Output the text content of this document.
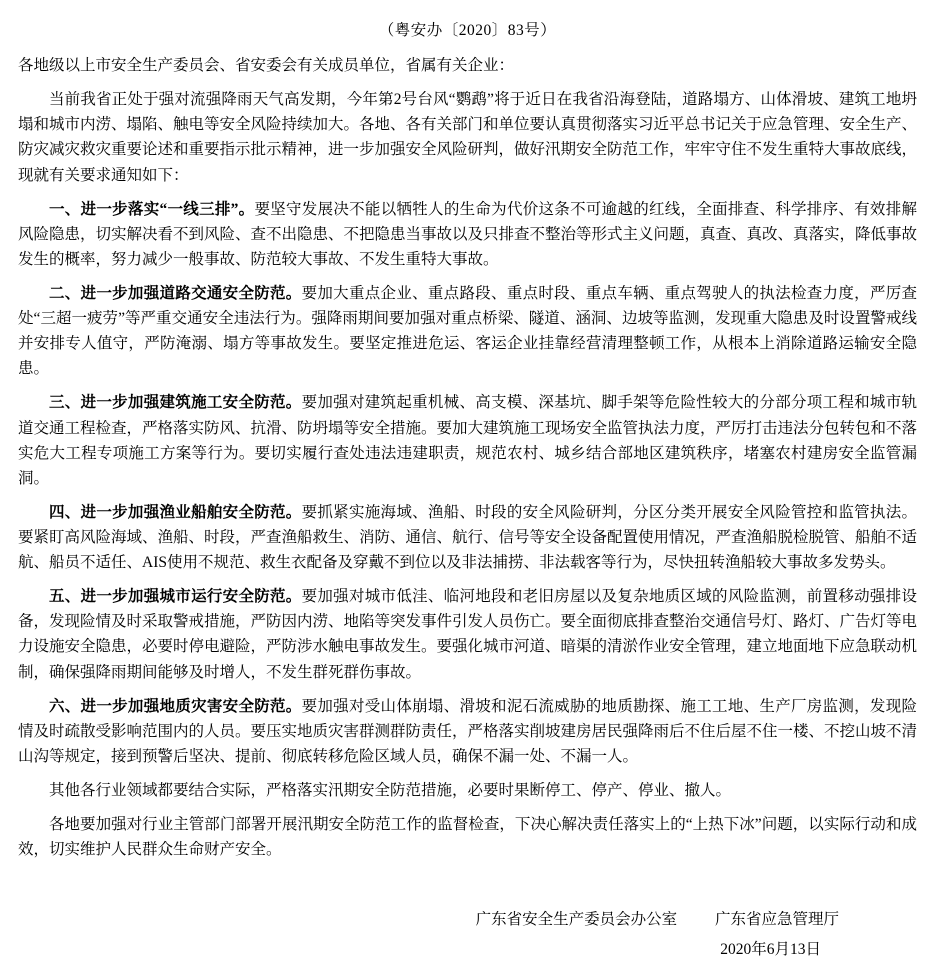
（粤安办〔2020〕83号）
各地级以上市安全生产委员会、省安委会有关成员单位，省属有关企业：

当前我省正处于强对流强降雨天气高发期，今年第2号台风“鹦鹉”将于近日在我省沿海登陆，道路塌方、山体滑坡、建筑工地坍塌和城市内涝、塌陷、触电等安全风险持续加大。各地、各有关部门和单位要认真贯彻落实习近平总书记关于应急管理、安全生产、防灾减灾救灾重要论述和重要指示批示精神，进一步加强安全风险研判，做好汛期安全防范工作，牢牢守住不发生重特大事故底线，现就有关要求通知如下：

一、进一步落实“一线三排”。要坚守发展决不能以牺牲人的生命为代价这条不可逾越的红线，全面排查、科学排序、有效排解风险隐患，切实解决看不到风险、查不出隐患、不把隐患当事故以及只排查不整治等形式主义问题，真查、真改、真落实，降低事故发生的概率，努力减少一般事故、防范较大事故、不发生重特大事故。

二、进一步加强道路交通安全防范。要加大重点企业、重点路段、重点时段、重点车辆、重点驾驶人的执法检查力度，严厉查处“三超一疲劳”等严重交通安全违法行为。强降雨期间要加强对重点桥梁、隧道、涵洞、边坡等监测，发现重大隐患及时设置警戒线并安排专人值守，严防淹溺、塌方等事故发生。要坚定推进危运、客运企业挂靠经营清理整顿工作，从根本上消除道路运输安全隐患。

三、进一步加强建筑施工安全防范。要加强对建筑起重机械、高支模、深基坑、脚手架等危险性较大的分部分项工程和城市轨道交通工程检查，严格落实防风、抗滑、防坍塌等安全措施。要加大建筑施工现场安全监管执法力度，严厉打击违法分包转包和不落实危大工程专项施工方案等行为。要切实履行查处违法违建职责，规范农村、城乡结合部地区建筑秩序，堵塞农村建房安全监管漏洞。

四、进一步加强渔业船舶安全防范。要抓紧实施海域、渔船、时段的安全风险研判，分区分类开展安全风险管控和监管执法。要紧盯高风险海域、渔船、时段，严查渔船救生、消防、通信、航行、信号等安全设备配置使用情况，严查渔船脱检脱管、船舶不适航、船员不适任、AIS使用不规范、救生衣配备及穿戴不到位以及非法捕捞、非法载客等行为，尽快扭转渔船较大事故多发势头。

五、进一步加强城市运行安全防范。要加强对城市低洼、临河地段和老旧房屋以及复杂地质区域的风险监测，前置移动强排设备，发现险情及时采取警戒措施，严防因内涝、地陷等突发事件引发人员伤亡。要全面彻底排查整治交通信号灯、路灯、广告灯等电力设施安全隐患，必要时停电避险，严防涉水触电事故发生。要强化城市河道、暗渠的清淤作业安全管理，建立地面地下应急联动机制，确保强降雨期间能够及时增人，不发生群死群伤事故。

六、进一步加强地质灾害安全防范。要加强对受山体崩塌、滑坡和泥石流威胁的地质勘探、施工工地、生产厂房监测，发现险情及时疏散受影响范围内的人员。要压实地质灾害群测群防责任，严格落实削坡建房居民强降雨后不住后屋不住一楼、不挖山坡不清山沟等规定，接到预警后坚决、提前、彻底转移危险区域人员，确保不漏一处、不漏一人。

其他各行业领域都要结合实际，严格落实汛期安全防范措施，必要时果断停工、停产、停业、撤人。

各地要加强对行业主管部门部署开展汛期安全防范工作的监督检查，下决心解决责任落实上的“上热下冰”问题，以实际行动和成效，切实维护人民群众生命财产安全。

广东省安全生产委员会办公室 广东省应急管理厅
2020年6月13日
